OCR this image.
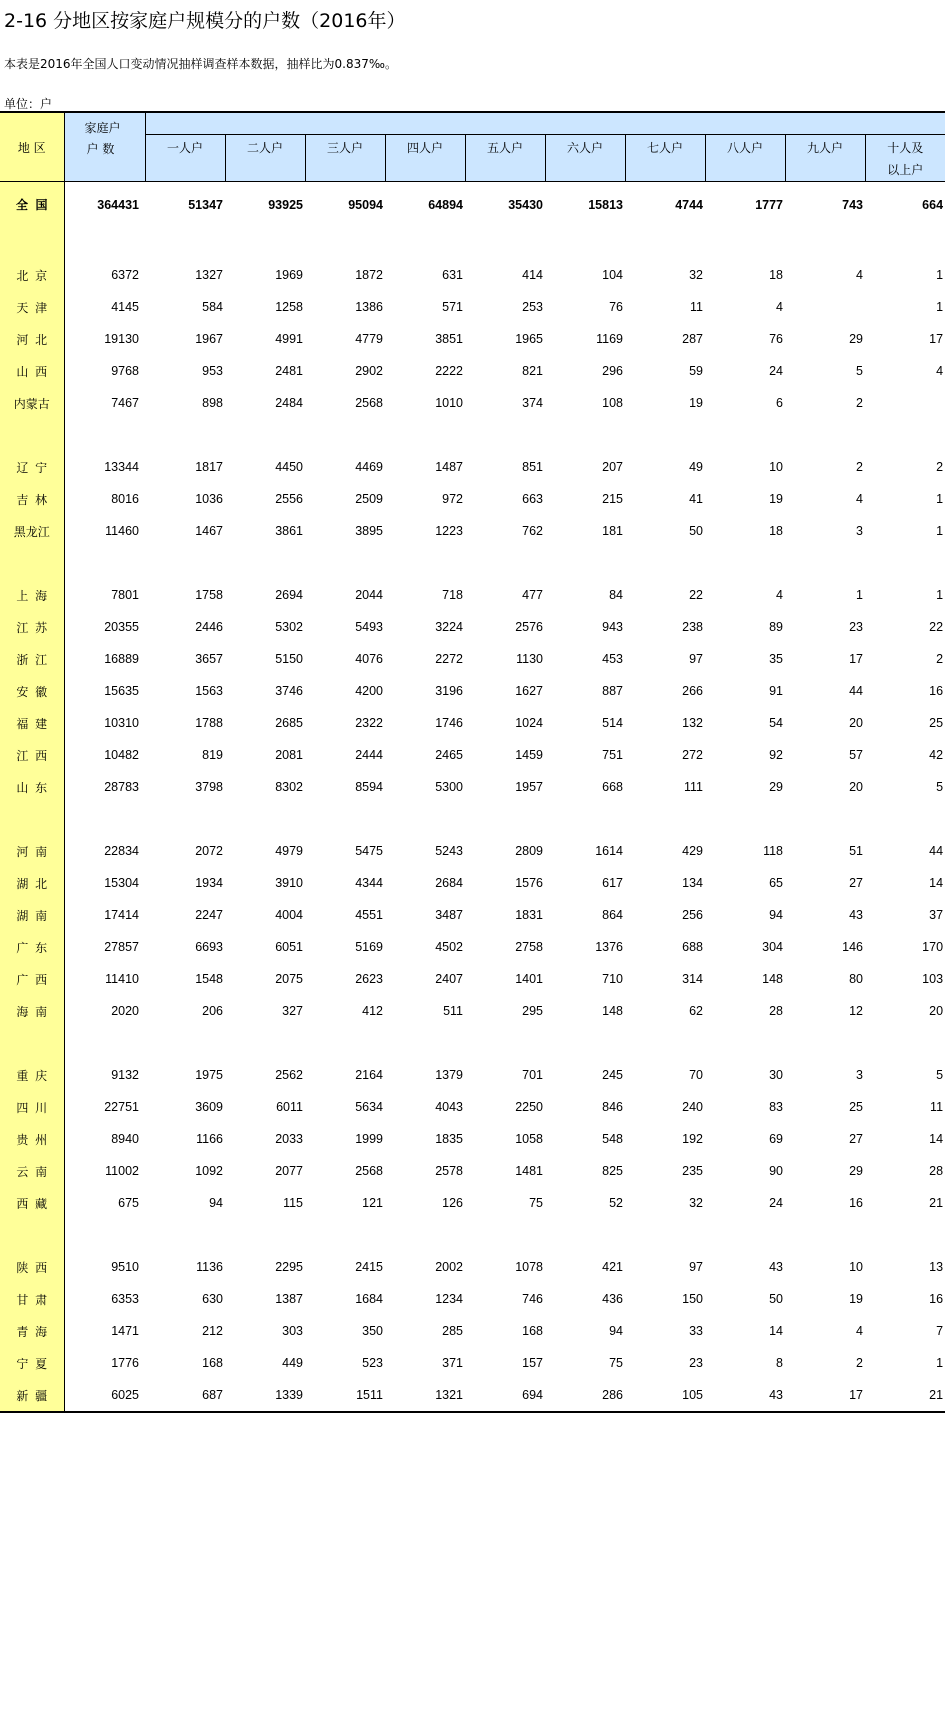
2-16 分地区按家庭户规模分的户数（2016年）
本表是2016年全国人口变动情况抽样调查样本数据，抽样比为0.837‰。
单位：户
地 区	家庭户
户 数										

		一人户	二人户	三人户	四人户	五人户	六人户	七人户	八人户	九人户	十人及
以上户
全  国	364431	51347	93925	95094	64894	35430	15813	4744	1777	743	664

北  京	6372	1327	1969	1872	631	414	104	32	18	4	1
天  津	4145	584	1258	1386	571	253	76	11	4		1
河  北	19130	1967	4991	4779	3851	1965	1169	287	76	29	17
山  西	9768	953	2481	2902	2222	821	296	59	24	5	4
内蒙古	7467	898	2484	2568	1010	374	108	19	6	2	

辽  宁	13344	1817	4450	4469	1487	851	207	49	10	2	2
吉  林	8016	1036	2556	2509	972	663	215	41	19	4	1
黑龙江	11460	1467	3861	3895	1223	762	181	50	18	3	1

上  海	7801	1758	2694	2044	718	477	84	22	4	1	1
江  苏	20355	2446	5302	5493	3224	2576	943	238	89	23	22
浙  江	16889	3657	5150	4076	2272	1130	453	97	35	17	2
安  徽	15635	1563	3746	4200	3196	1627	887	266	91	44	16
福  建	10310	1788	2685	2322	1746	1024	514	132	54	20	25
江  西	10482	819	2081	2444	2465	1459	751	272	92	57	42
山  东	28783	3798	8302	8594	5300	1957	668	111	29	20	5

河  南	22834	2072	4979	5475	5243	2809	1614	429	118	51	44
湖  北	15304	1934	3910	4344	2684	1576	617	134	65	27	14
湖  南	17414	2247	4004	4551	3487	1831	864	256	94	43	37
广  东	27857	6693	6051	5169	4502	2758	1376	688	304	146	170
广  西	11410	1548	2075	2623	2407	1401	710	314	148	80	103
海  南	2020	206	327	412	511	295	148	62	28	12	20

重  庆	9132	1975	2562	2164	1379	701	245	70	30	3	5
四  川	22751	3609	6011	5634	4043	2250	846	240	83	25	11
贵  州	8940	1166	2033	1999	1835	1058	548	192	69	27	14
云  南	11002	1092	2077	2568	2578	1481	825	235	90	29	28
西  藏	675	94	115	121	126	75	52	32	24	16	21

陕  西	9510	1136	2295	2415	2002	1078	421	97	43	10	13
甘  肃	6353	630	1387	1684	1234	746	436	150	50	19	16
青  海	1471	212	303	350	285	168	94	33	14	4	7
宁  夏	1776	168	449	523	371	157	75	23	8	2	1
新  疆	6025	687	1339	1511	1321	694	286	105	43	17	21
